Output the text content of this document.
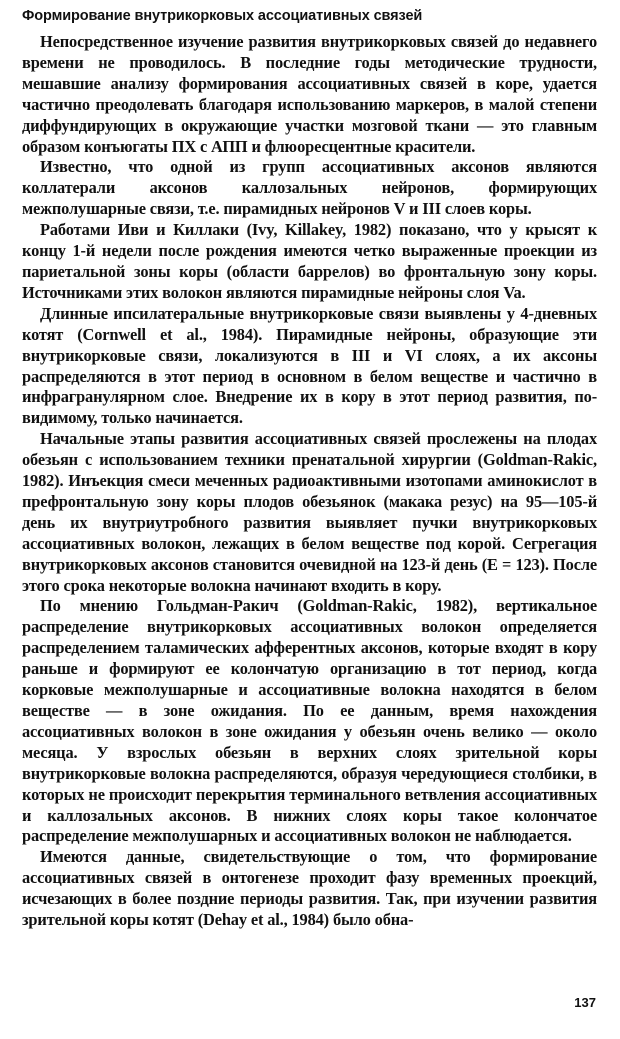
Формирование внутрикорковых ассоциативных связей

Непосредственное изучение развития внутрикорковых связей до недавнего времени не проводилось. В последние годы методические трудности, мешавшие анализу формирования ассоциативных связей в коре, удается частично преодолевать благодаря использованию маркеров, в малой степени диффундирующих в окружающие участки мозговой ткани — это главным образом конъюгаты ПХ с АПП и флюоресцентные красители.

Известно, что одной из групп ассоциативных аксонов являются коллатерали аксонов каллозальных нейронов, формирующих межполушарные связи, т.е. пирамидных нейронов V и III слоев коры.

Работами Иви и Киллаки (Ivy, Killakey, 1982) показано, что у крысят к концу 1-й недели после рождения имеются четко выраженные проекции из париетальной зоны коры (области баррелов) во фронтальную зону коры. Источниками этих волокон являются пирамидные нейроны слоя Va.

Длинные ипсилатеральные внутрикорковые связи выявлены у 4-дневных котят (Cornwell et al., 1984). Пирамидные нейроны, образующие эти внутрикорковые связи, локализуются в III и VI слоях, а их аксоны распределяются в этот период в основном в белом веществе и частично в инфрагранулярном слое. Внедрение их в кору в этот период развития, по-видимому, только начинается.

Начальные этапы развития ассоциативных связей прослежены на плодах обезьян с использованием техники пренатальной хирургии (Goldman-Rakic, 1982). Инъекция смеси меченных радиоактивными изотопами аминокислот в префронтальную зону коры плодов обезьянок (макака резус) на 95—105-й день их внутриутробного развития выявляет пучки внутрикорковых ассоциативных волокон, лежащих в белом веществе под корой. Сегрегация внутрикорковых аксонов становится очевидной на 123-й день (E = 123). После этого срока некоторые волокна начинают входить в кору.

По мнению Гольдман-Ракич (Goldman-Rakic, 1982), вертикальное распределение внутрикорковых ассоциативных волокон определяется распределением таламических афферентных аксонов, которые входят в кору раньше и формируют ее колончатую организацию в тот период, когда корковые межполушарные и ассоциативные волокна находятся в белом веществе — в зоне ожидания. По ее данным, время нахождения ассоциативных волокон в зоне ожидания у обезьян очень велико — около месяца. У взрослых обезьян в верхних слоях зрительной коры внутрикорковые волокна распределяются, образуя чередующиеся столбики, в которых не происходит перекрытия терминального ветвления ассоциативных и каллозальных аксонов. В нижних слоях коры такое колончатое распределение межполушарных и ассоциативных волокон не наблюдается.

Имеются данные, свидетельствующие о том, что формирование ассоциативных связей в онтогенезе проходит фазу временных проекций, исчезающих в более поздние периоды развития. Так, при изучении развития зрительной коры котят (Dehay et al., 1984) было обна-

137
